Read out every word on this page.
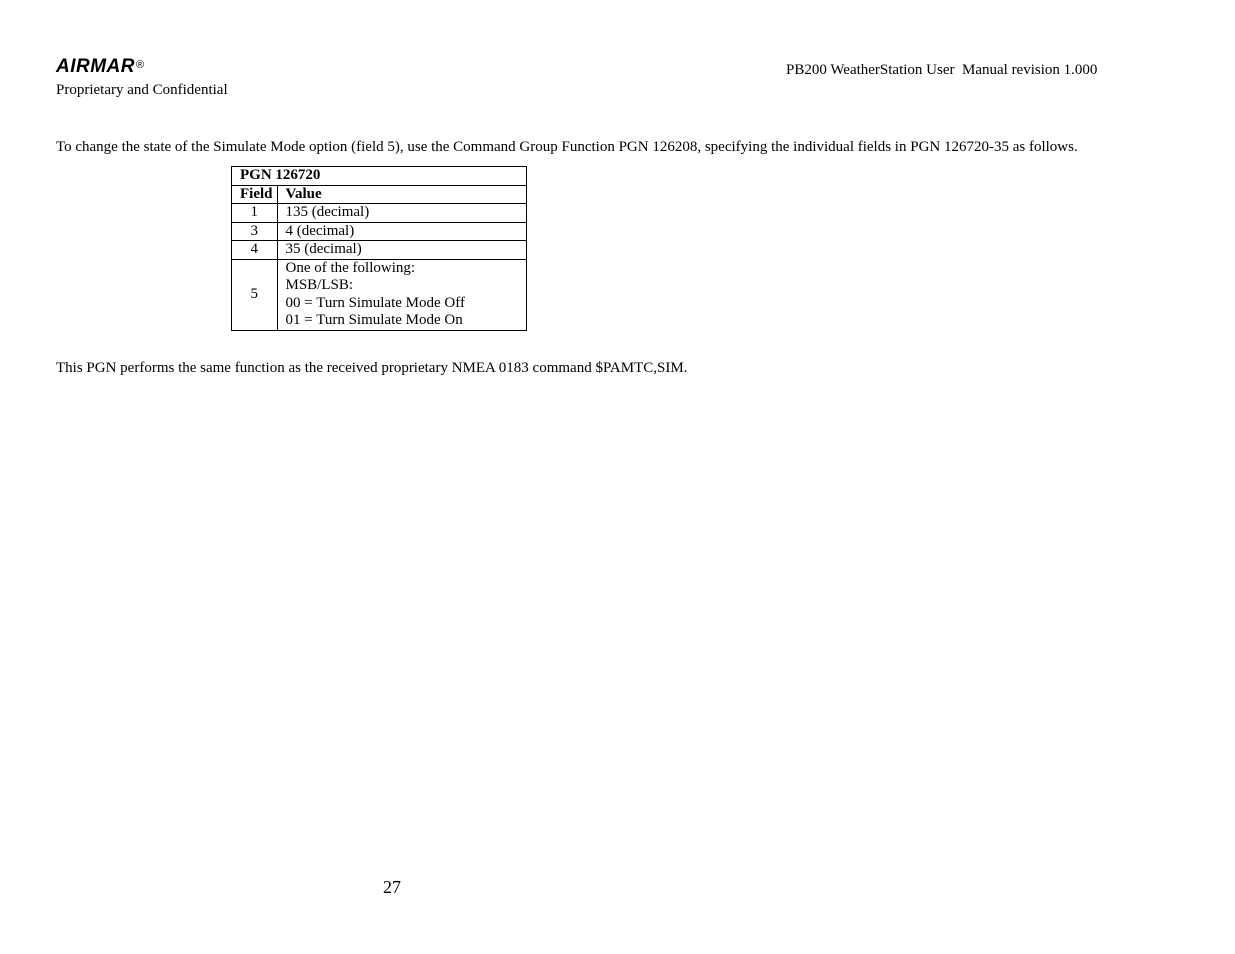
AIRMAR®
Proprietary and Confidential
PB200 WeatherStation User  Manual revision 1.000
To change the state of the Simulate Mode option (field 5), use the Command Group Function PGN 126208, specifying the individual fields in PGN 126720-35 as follows.
PGN 126720	
Field	Value
1	135 (decimal)
3	4 (decimal)
4	35 (decimal)
5	One of the following:
MSB/LSB:
00 = Turn Simulate Mode Off
01 = Turn Simulate Mode On
This PGN performs the same function as the received proprietary NMEA 0183 command $PAMTC,SIM.
27
